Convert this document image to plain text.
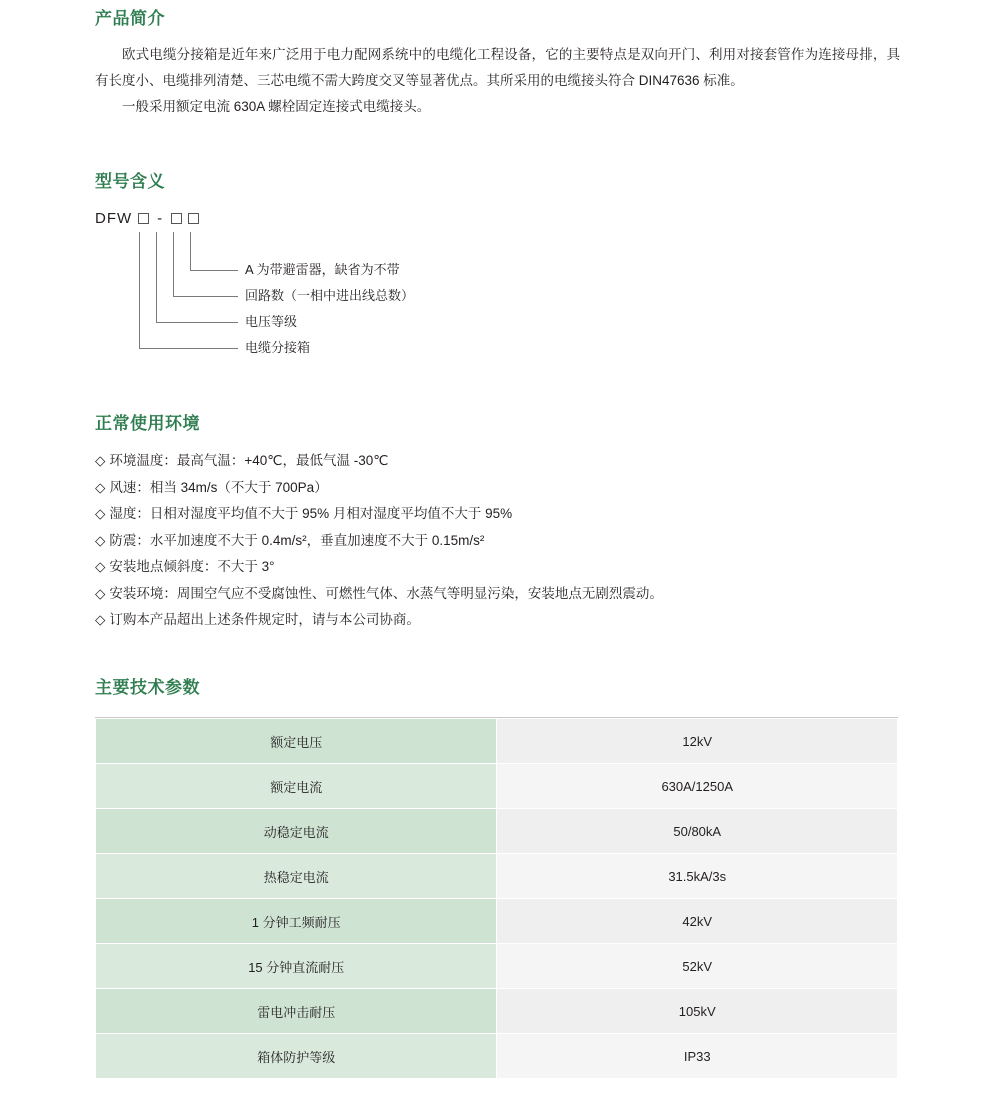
产品简介

欧式电缆分接箱是近年来广泛用于电力配网系统中的电缆化工程设备，它的主要特点是双向开门、利用对接套管作为连接母排，具有长度小、电缆排列清楚、三芯电缆不需大跨度交叉等显著优点。其所采用的电缆接头符合 DIN47636 标准。

一般采用额定电流 630A 螺栓固定连接式电缆接头。

型号含义
DFW -
A 为带避雷器，缺省为不带
回路数（一相中进出线总数）
电压等级
电缆分接箱
正常使用环境
◇ 环境温度：最高气温：+40℃，最低气温 -30℃
◇ 风速：相当 34m/s（不大于 700Pa）
◇ 湿度：日相对湿度平均值不大于 95% 月相对湿度平均值不大于 95%
◇ 防震：水平加速度不大于 0.4m/s²，垂直加速度不大于 0.15m/s²
◇ 安装地点倾斜度：不大于 3°
◇ 安装环境：周围空气应不受腐蚀性、可燃性气体、水蒸气等明显污染，安装地点无剧烈震动。
◇ 订购本产品超出上述条件规定时，请与本公司协商。
主要技术参数
额定电压	12kV
额定电流	630A/1250A
动稳定电流	50/80kA
热稳定电流	31.5kA/3s
1 分钟工频耐压	42kV
15 分钟直流耐压	52kV
雷电冲击耐压	105kV
箱体防护等级	IP33
